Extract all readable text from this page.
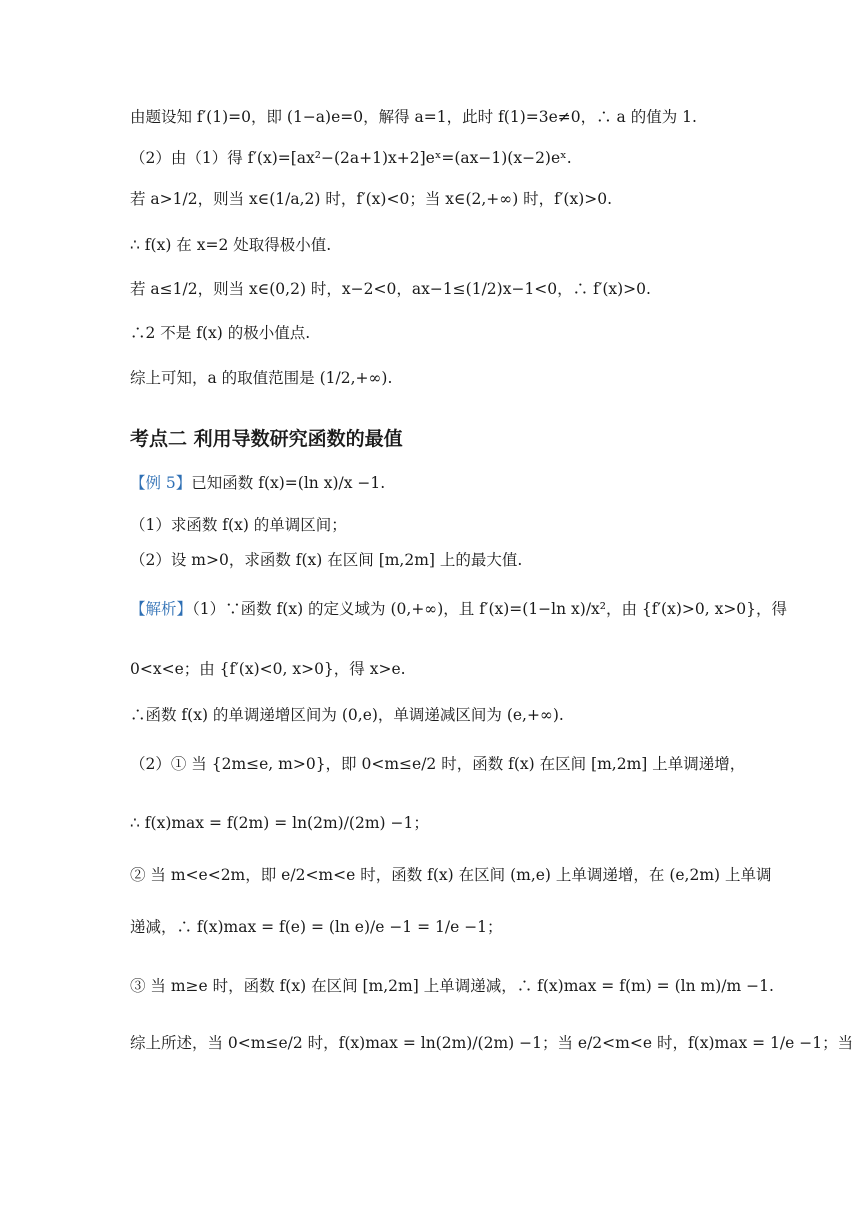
由题设知 f′(1)=0，即 (1−a)e=0，解得 a=1，此时 f(1)=3e≠0，∴ a 的值为 1.
（2）由（1）得 f′(x)=[ax²−(2a+1)x+2]eˣ=(ax−1)(x−2)eˣ.
若 a>1/2，则当 x∈(1/a,2) 时，f′(x)<0；当 x∈(2,+∞) 时，f′(x)>0.
∴ f(x) 在 x=2 处取得极小值.
若 a≤1/2，则当 x∈(0,2) 时，x−2<0，ax−1≤(1/2)x−1<0，∴ f′(x)>0.
∴2 不是 f(x) 的极小值点.
综上可知，a 的取值范围是 (1/2,+∞).
考点二 利用导数研究函数的最值
【例 5】已知函数 f(x)=(ln x)/x −1.
（1）求函数 f(x) 的单调区间；
（2）设 m>0，求函数 f(x) 在区间 [m,2m] 上的最大值.
【解析】（1）∵函数 f(x) 的定义域为 (0,+∞)，且 f′(x)=(1−ln x)/x²，由 {f′(x)>0, x>0}，得
0<x<e；由 {f′(x)<0, x>0}，得 x>e.
∴函数 f(x) 的单调递增区间为 (0,e)，单调递减区间为 (e,+∞).
（2）① 当 {2m≤e, m>0}，即 0<m≤e/2 时，函数 f(x) 在区间 [m,2m] 上单调递增，
∴ f(x)max = f(2m) = ln(2m)/(2m) −1；
② 当 m<e<2m，即 e/2<m<e 时，函数 f(x) 在区间 (m,e) 上单调递增，在 (e,2m) 上单调
递减，∴ f(x)max = f(e) = (ln e)/e −1 = 1/e −1；
③ 当 m≥e 时，函数 f(x) 在区间 [m,2m] 上单调递减，∴ f(x)max = f(m) = (ln m)/m −1.
综上所述，当 0<m≤e/2 时，f(x)max = ln(2m)/(2m) −1；当 e/2<m<e 时，f(x)max = 1/e −1；当
